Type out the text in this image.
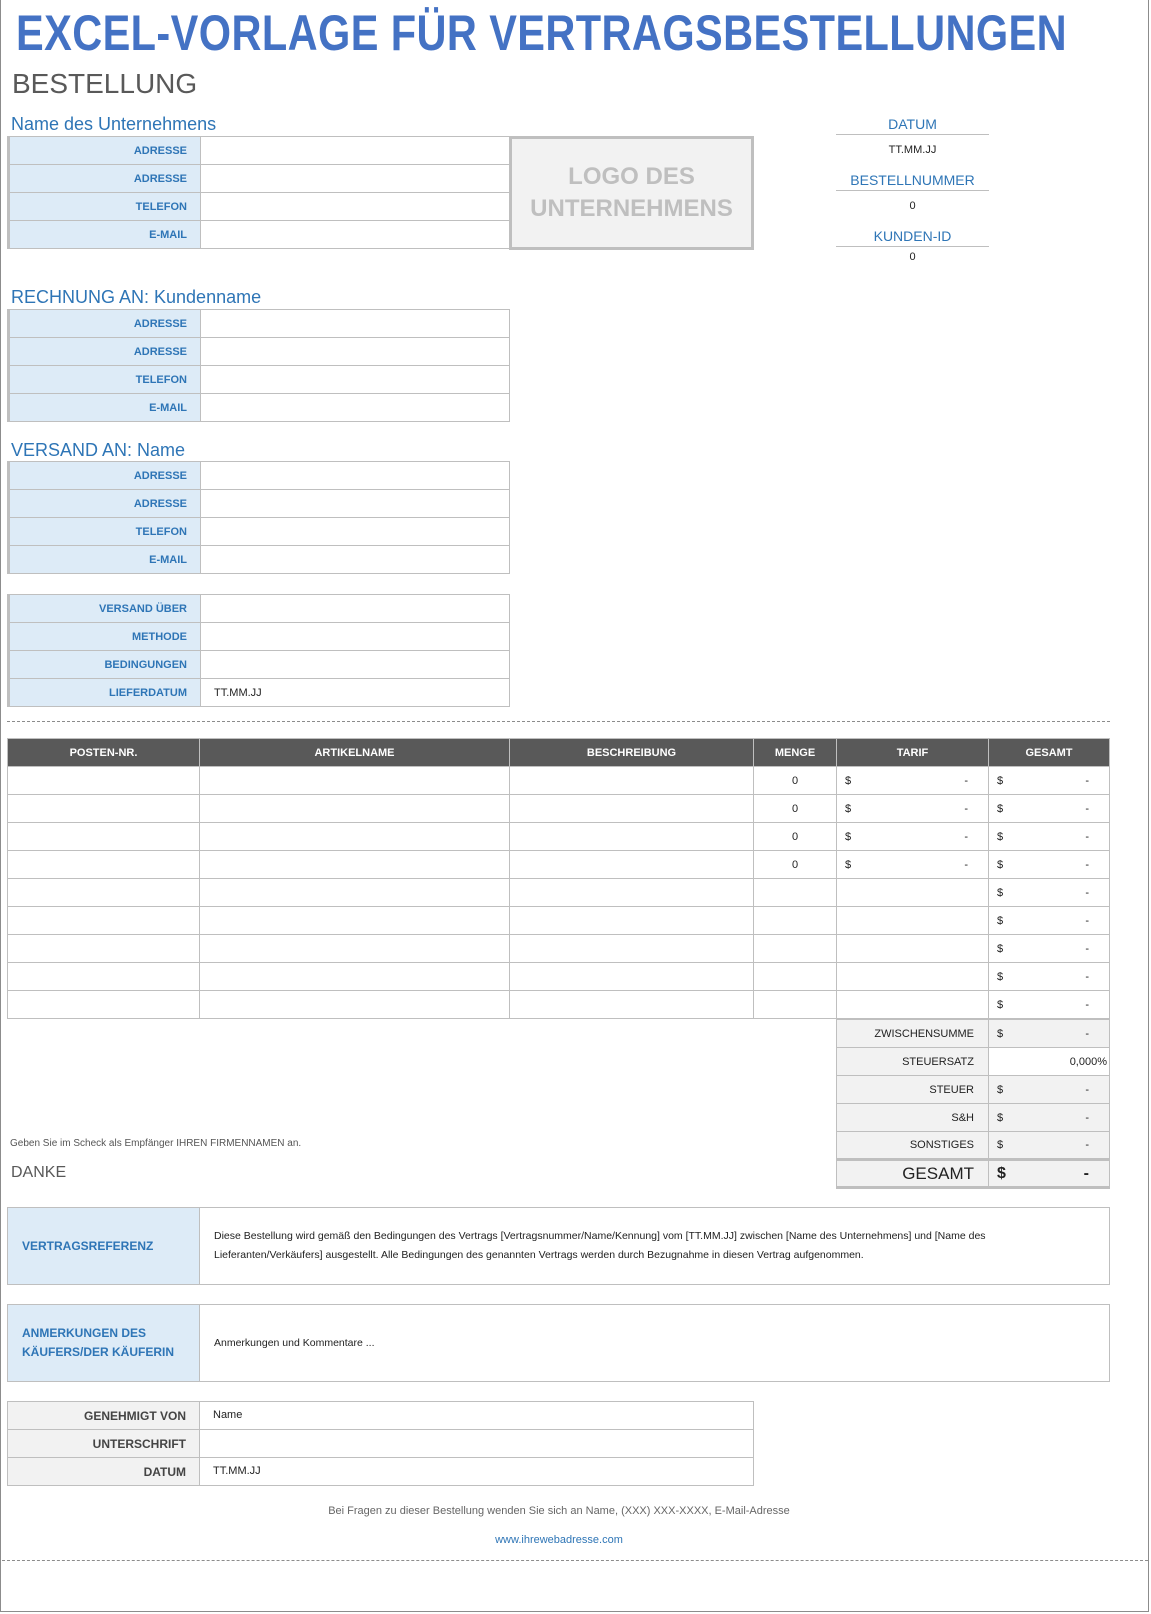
EXCEL-VORLAGE FÜR VERTRAGSBESTELLUNGEN
BESTELLUNG
Name des Unternehmens
ADRESSE	
ADRESSE	
TELEFON	
E-MAIL	
LOGO DES UNTERNEHMENS
DATUM
TT.MM.JJ
BESTELLNUMMER
0
KUNDEN-ID
0
RECHNUNG AN: Kundenname
ADRESSE	
ADRESSE	
TELEFON	
E-MAIL	
VERSAND AN: Name
ADRESSE	
ADRESSE	
TELEFON	
E-MAIL	
VERSAND ÜBER	
METHODE	
BEDINGUNGEN	
LIEFERDATUM	TT.MM.JJ
POSTEN-NR.	ARTIKELNAME	BESCHREIBUNG	MENGE	TARIF	GESAMT
			0	$ -	$ -

			0	$ -	$ -

			0	$ -	$ -

			0	$ -	$ -

					$ -

					$ -

					$ -

					$ -

					$ -
ZWISCHENSUMME	$ -

STEUERSATZ	0,000%
STEUER	$ -

S&H	$ -

SONSTIGES	$ -

GESAMT	$ -
Geben Sie im Scheck als Empfänger IHREN FIRMENNAMEN an.
DANKE
VERTRAGSREFERENZ
Diese Bestellung wird gemäß den Bedingungen des Vertrags [Vertragsnummer/Name/Kennung] vom [TT.MM.JJ] zwischen [Name des Unternehmens] und [Name des Lieferanten/Verkäufers] ausgestellt. Alle Bedingungen des genannten Vertrags werden durch Bezugnahme in diesen Vertrag aufgenommen.
ANMERKUNGEN DES KÄUFERS/DER KÄUFERIN
Anmerkungen und Kommentare ...
GENEHMIGT VON	Name
UNTERSCHRIFT	
DATUM	TT.MM.JJ
Bei Fragen zu dieser Bestellung wenden Sie sich an Name, (XXX) XXX-XXXX, E-Mail-Adresse
www.ihrewebadresse.com
